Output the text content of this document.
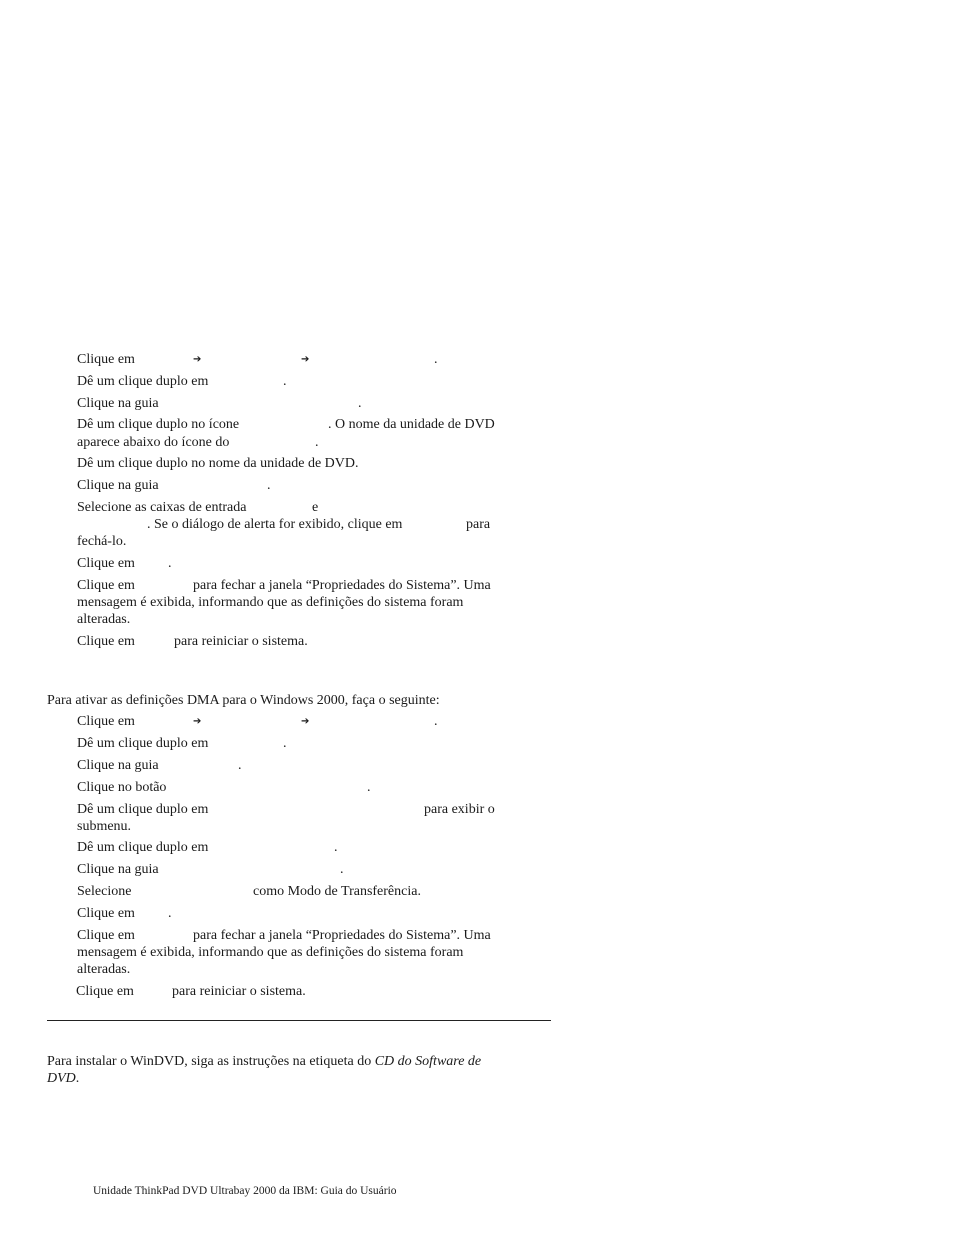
Clique em	➔	➔	.
Dê um clique duplo em	.
Clique na guia	.
Dê um clique duplo no ícone	. O nome da unidade de DVD
aparece abaixo do ícone do	.
Dê um clique duplo no nome da unidade de DVD.
Clique na guia	.
Selecione as caixas de entrada	e
. Se o diálogo de alerta for exibido, clique em	para
fechá-lo.
Clique em .
Clique em	para fechar a janela “Propriedades do Sistema”. Uma
mensagem é exibida, informando que as definições do sistema foram
alteradas.
Clique em	para reiniciar o sistema.
Para ativar as definições DMA para o Windows 2000, faça o seguinte:
Clique em	➔	➔	.
Dê um clique duplo em	.
Clique na guia	.
Clique no botão	.
Dê um clique duplo em	para exibir o
submenu.
Dê um clique duplo em	.
Clique na guia	.
Selecione	como Modo de Transferência.
Clique em .
Clique em	para fechar a janela “Propriedades do Sistema”. Uma
mensagem é exibida, informando que as definições do sistema foram
alteradas.
Clique em	para reiniciar o sistema.
Para instalar o WinDVD, siga as instruções na etiqueta do CD do Software de
DVD.
Unidade ThinkPad DVD Ultrabay 2000 da IBM: Guia do Usuário
